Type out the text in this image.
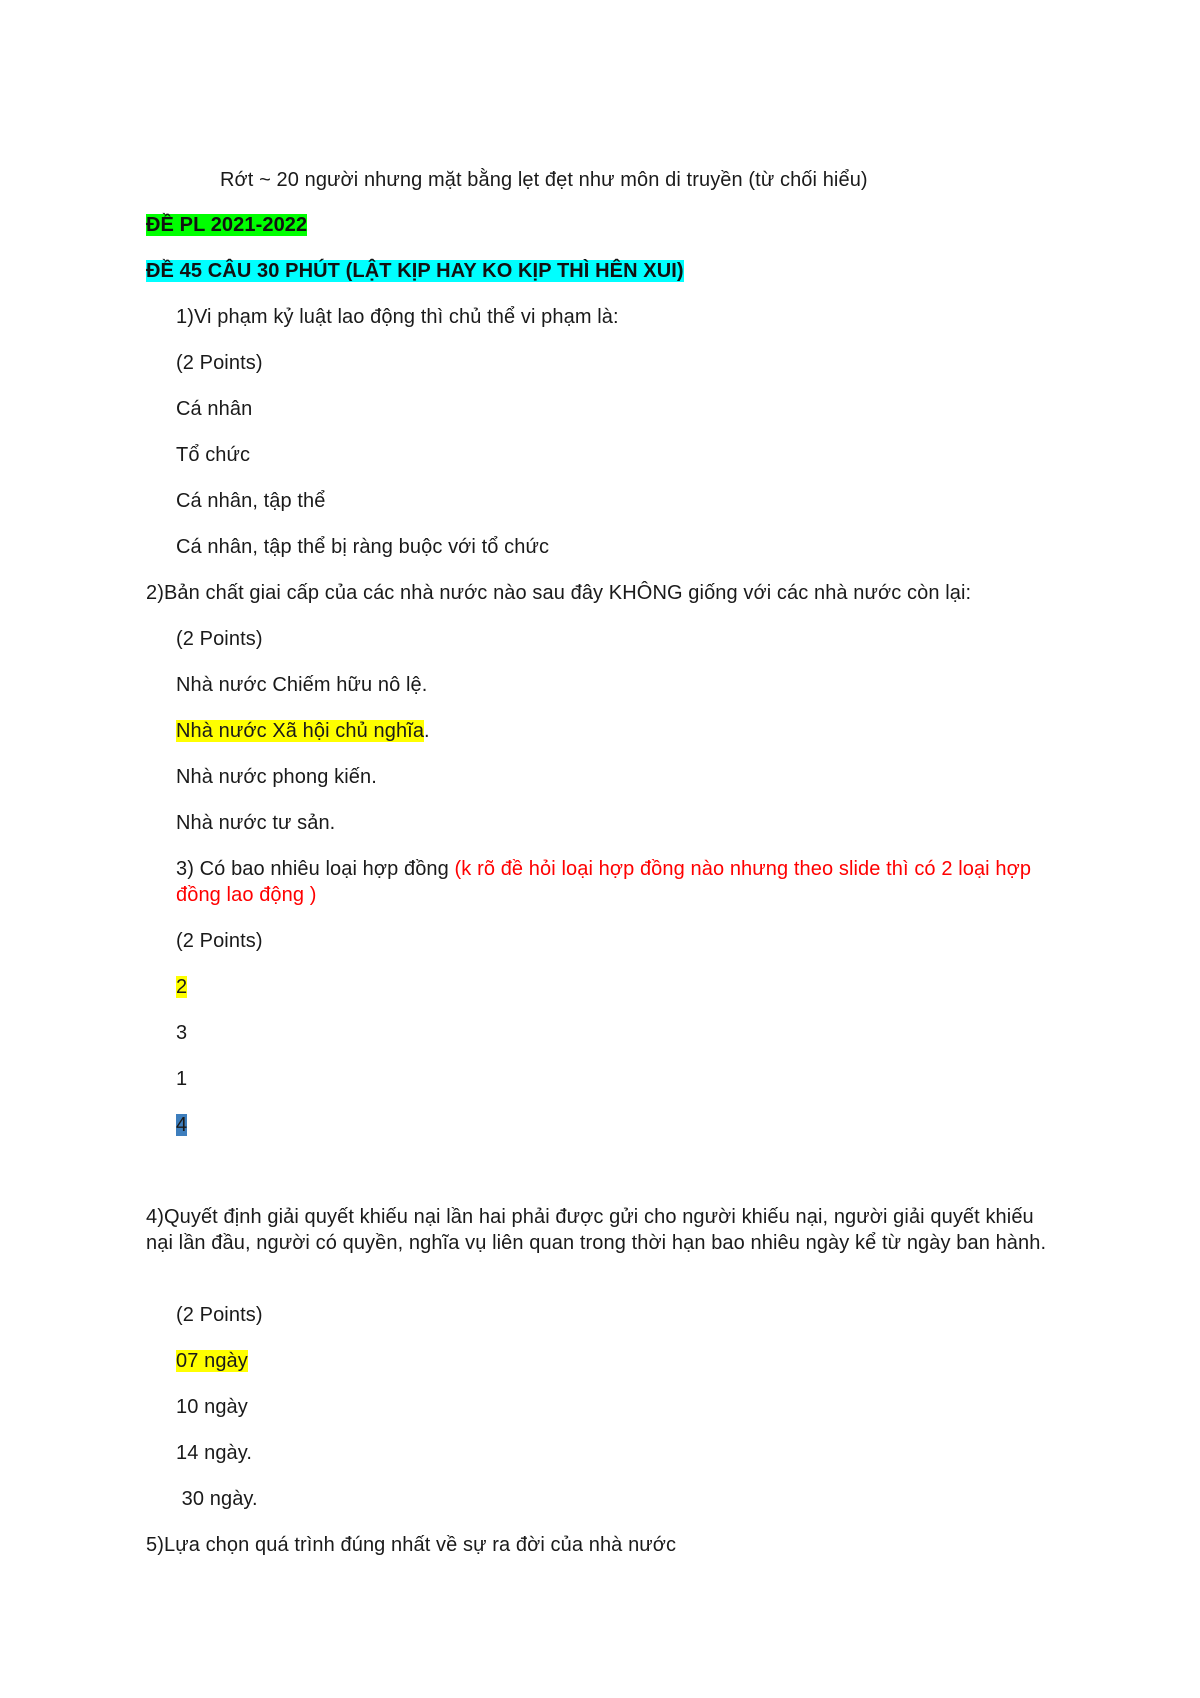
Rớt ~ 20 người nhưng mặt bằng lẹt đẹt như môn di truyền (từ chối hiểu)
ĐỀ PL 2021-2022
ĐỀ 45 CÂU 30 PHÚT (LẬT KỊP HAY KO KỊP THÌ HÊN XUI)
1)Vi phạm kỷ luật lao động thì chủ thể vi phạm là:
(2 Points)
Cá nhân
Tổ chức
Cá nhân, tập thể
Cá nhân, tập thể bị ràng buộc với tổ chức
2)Bản chất giai cấp của các nhà nước nào sau đây KHÔNG giống với các nhà nước còn lại:
(2 Points)
Nhà nước Chiếm hữu nô lệ.
Nhà nước Xã hội chủ nghĩa.
Nhà nước phong kiến.
Nhà nước tư sản.
3) Có bao nhiêu loại hợp đồng (k rõ đề hỏi loại hợp đồng nào nhưng theo slide thì có 2 loại hợp đồng lao động )
(2 Points)
2
3
1
4
4)Quyết định giải quyết khiếu nại lần hai phải được gửi cho người khiếu nại, người giải quyết khiếu nại lần đầu, người có quyền, nghĩa vụ liên quan trong thời hạn bao nhiêu ngày kể từ ngày ban hành.
(2 Points)
07 ngày
10 ngày
14 ngày.
30 ngày.
5)Lựa chọn quá trình đúng nhất về sự ra đời của nhà nước
